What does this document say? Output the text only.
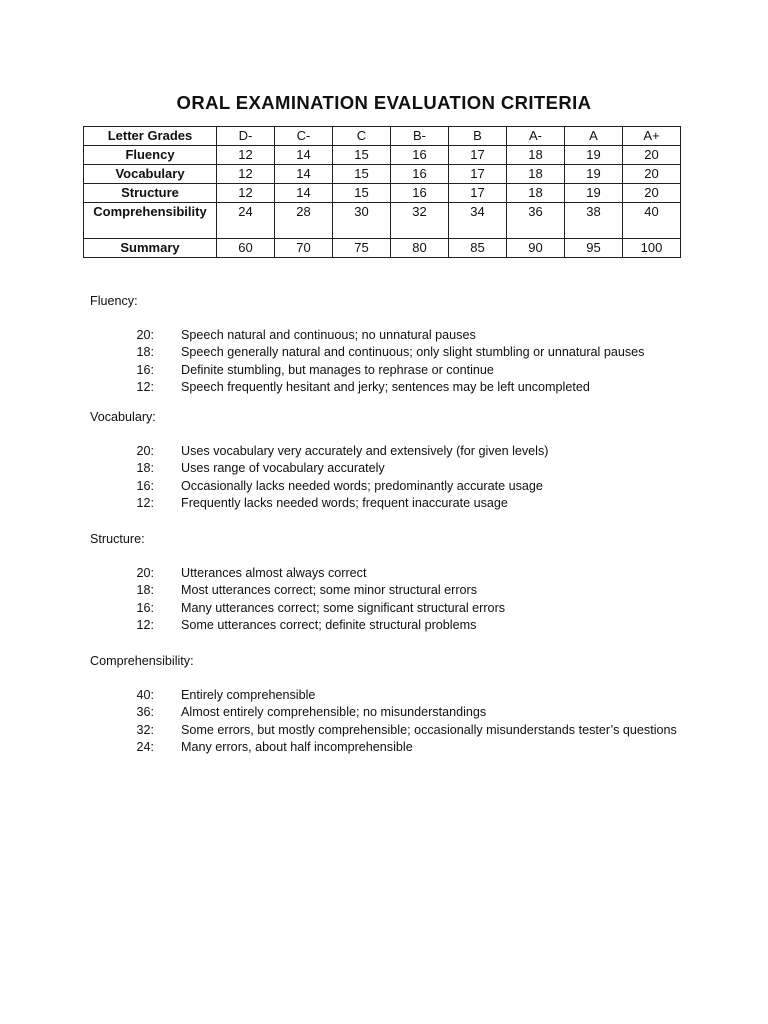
ORAL EXAMINATION EVALUATION CRITERIA
Letter Grades	D-	C-	C	B-	B	A-	A	A+
Fluency	12	14	15	16	17	18	19	20
Vocabulary	12	14	15	16	17	18	19	20
Structure	12	14	15	16	17	18	19	20
Comprehensibility	24	28	30	32	34	36	38	40
Summary	60	70	75	80	85	90	95	100
Fluency:
20: Speech natural and continuous; no unnatural pauses
18: Speech generally natural and continuous; only slight stumbling or unnatural pauses
16: Definite stumbling, but manages to rephrase or continue
12: Speech frequently hesitant and jerky; sentences may be left uncompleted
Vocabulary:
20: Uses vocabulary very accurately and extensively (for given levels)
18: Uses range of vocabulary accurately
16: Occasionally lacks needed words; predominantly accurate usage
12: Frequently lacks needed words; frequent inaccurate usage
Structure:
20: Utterances almost always correct
18: Most utterances correct; some minor structural errors
16: Many utterances correct; some significant structural errors
12: Some utterances correct; definite structural problems
Comprehensibility:
40: Entirely comprehensible
36: Almost entirely comprehensible; no misunderstandings
32: Some errors, but mostly comprehensible; occasionally misunderstands tester’s questions
24: Many errors, about half incomprehensible
